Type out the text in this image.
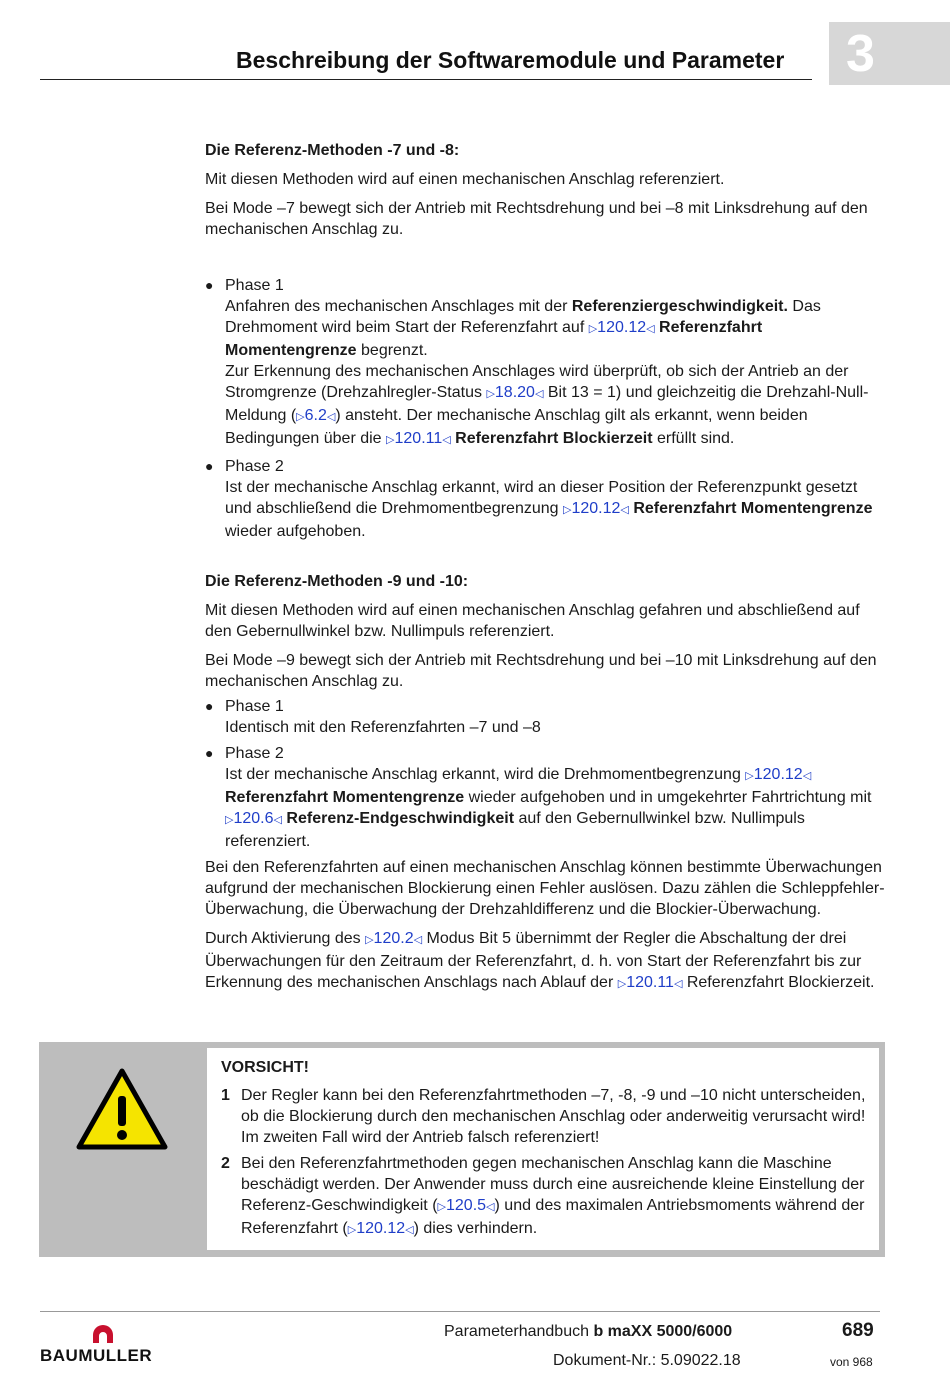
Beschreibung der Softwaremodule und Parameter 3

Die Referenz-Methoden -7 und -8:

Mit diesen Methoden wird auf einen mechanischen Anschlag referenziert.

Bei Mode –7 bewegt sich der Antrieb mit Rechtsdrehung und bei –8 mit Linksdrehung auf den mechanischen Anschlag zu.

● Phase 1
Anfahren des mechanischen Anschlages mit der Referenziergeschwindigkeit. Das Drehmoment wird beim Start der Referenzfahrt auf ▷120.12◁ Referenzfahrt Momentengrenze begrenzt.
Zur Erkennung des mechanischen Anschlages wird überprüft, ob sich der Antrieb an der Stromgrenze (Drehzahlregler-Status ▷18.20◁ Bit 13 = 1) und gleichzeitig die Drehzahl-Null-Meldung (▷6.2◁) ansteht. Der mechanische Anschlag gilt als erkannt, wenn beiden Bedingungen über die ▷120.11◁ Referenzfahrt Blockierzeit erfüllt sind.
● Phase 2
Ist der mechanische Anschlag erkannt, wird an dieser Position der Referenzpunkt gesetzt und abschließend die Drehmomentbegrenzung ▷120.12◁ Referenzfahrt Momentengrenze wieder aufgehoben.

Die Referenz-Methoden -9 und -10:

Mit diesen Methoden wird auf einen mechanischen Anschlag gefahren und abschließend auf den Gebernullwinkel bzw. Nullimpuls referenziert.

Bei Mode –9 bewegt sich der Antrieb mit Rechtsdrehung und bei –10 mit Linksdrehung auf den mechanischen Anschlag zu.

● Phase 1
Identisch mit den Referenzfahrten –7 und –8
● Phase 2
Ist der mechanische Anschlag erkannt, wird die Drehmomentbegrenzung ▷120.12◁ Referenzfahrt Momentengrenze wieder aufgehoben und in umgekehrter Fahrtrichtung mit ▷120.6◁ Referenz-Endgeschwindigkeit auf den Gebernullwinkel bzw. Nullimpuls referenziert.

Bei den Referenzfahrten auf einen mechanischen Anschlag können bestimmte Überwachungen aufgrund der mechanischen Blockierung einen Fehler auslösen. Dazu zählen die Schleppfehler-Überwachung, die Überwachung der Drehzahldifferenz und die Blockier-Überwachung.

Durch Aktivierung des ▷120.2◁ Modus Bit 5 übernimmt der Regler die Abschaltung der drei Überwachungen für den Zeitraum der Referenzfahrt, d. h. von Start der Referenzfahrt bis zur Erkennung des mechanischen Anschlags nach Ablauf der ▷120.11◁ Referenzfahrt Blockierzeit.

VORSICHT!

1 Der Regler kann bei den Referenzfahrtmethoden –7, -8, -9 und –10 nicht unterscheiden, ob die Blockierung durch den mechanischen Anschlag oder anderweitig verursacht wird! Im zweiten Fall wird der Antrieb falsch referenziert!
2 Bei den Referenzfahrtmethoden gegen mechanischen Anschlag kann die Maschine beschädigt werden. Der Anwender muss durch eine ausreichende kleine Einstellung der Referenz-Geschwindigkeit (▷120.5◁) und des maximalen Antriebsmoments während der Referenzfahrt (▷120.12◁) dies verhindern.
BAUMULLER
Parameterhandbuch b maXX 5000/6000
Dokument-Nr.: 5.09022.18
689
von 968
